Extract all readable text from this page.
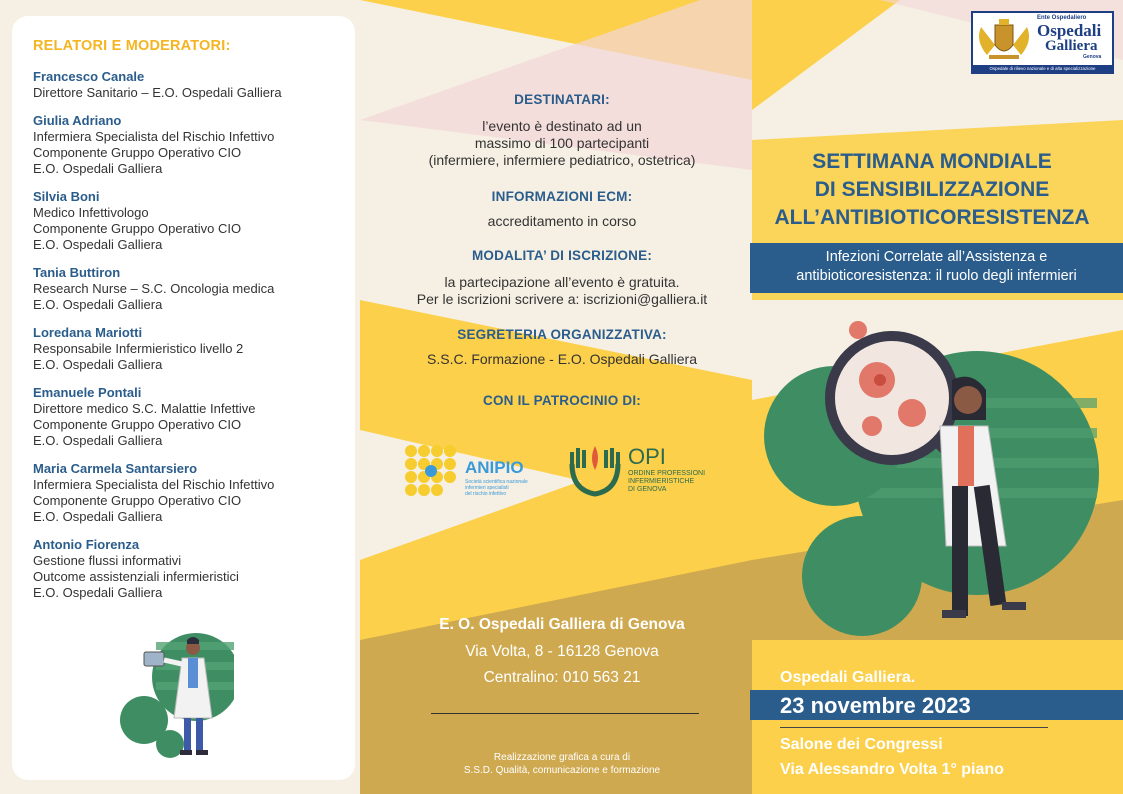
RELATORI E MODERATORI:
Francesco Canale
Direttore Sanitario – E.O. Ospedali Galliera
Giulia Adriano
Infermiera Specialista del Rischio Infettivo
Componente Gruppo Operativo CIO
E.O. Ospedali Galliera
Silvia Boni
Medico Infettivologo
Componente Gruppo Operativo CIO
E.O. Ospedali Galliera
Tania Buttiron
Research Nurse – S.C. Oncologia medica
E.O. Ospedali Galliera
Loredana Mariotti
Responsabile Infermieristico livello 2
E.O. Ospedali Galliera
Emanuele Pontali
Direttore medico S.C. Malattie Infettive
Componente Gruppo Operativo CIO
E.O. Ospedali Galliera
Maria Carmela Santarsiero
Infermiera Specialista del Rischio Infettivo
Componente Gruppo Operativo CIO
E.O. Ospedali Galliera
Antonio Fiorenza
Gestione flussi informativi
Outcome assistenziali infermieristici
E.O. Ospedali Galliera
DESTINATARI:
l’evento è destinato ad un
massimo di 100 partecipanti
(infermiere, infermiere pediatrico, ostetrica)
INFORMAZIONI ECM:
accreditamento in corso
MODALITA’ DI ISCRIZIONE:
la partecipazione all’evento è gratuita.
Per le iscrizioni scrivere a: iscrizioni@galliera.it
SEGRETERIA ORGANIZZATIVA:
S.S.C. Formazione - E.O. Ospedali Galliera
CON IL PATROCINIO DI:
ANIPIO
Società scientifica nazionale
infermieri specialisti
del rischio infettivo
OPI
ORDINE PROFESSIONI
INFERMIERISTICHE
DI GENOVA
E. O. Ospedali Galliera di Genova
Via Volta, 8 - 16128 Genova
Centralino: 010 563 21
Realizzazione grafica a cura di
S.S.D. Qualità, comunicazione e formazione
Ente Ospedaliero
Ospedali
Galliera
Genova
Ospedale di rilievo nazionale e di alta specializzazione
SETTIMANA MONDIALE
DI SENSIBILIZZAZIONE
ALL’ANTIBIOTICORESISTENZA
Infezioni Correlate all’Assistenza e
antibioticoresistenza: il ruolo degli infermieri
Ospedali Galliera.
23 novembre 2023
Salone dei Congressi
Via Alessandro Volta 1° piano
